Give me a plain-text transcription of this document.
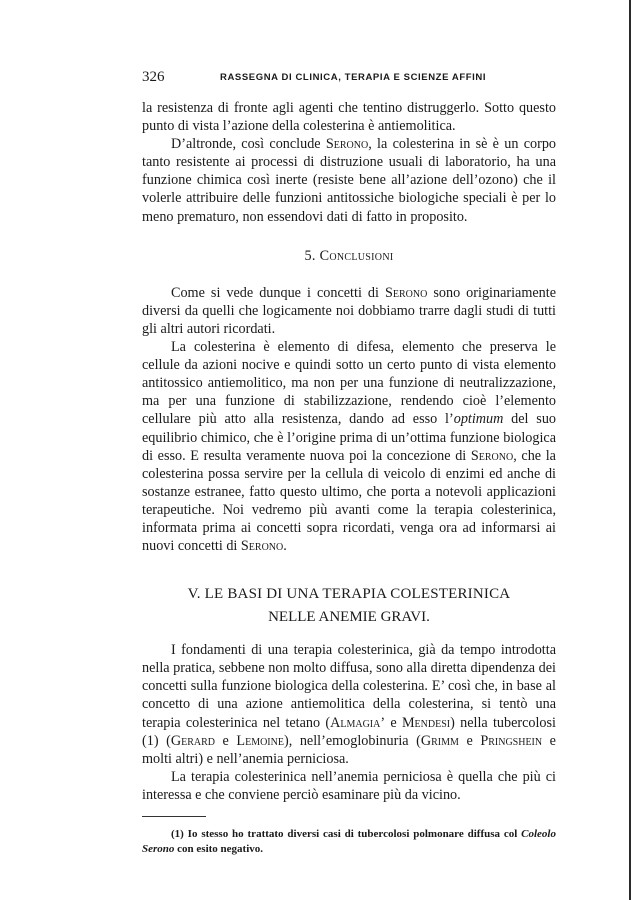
326	RASSEGNA DI CLINICA, TERAPIA E SCIENZE AFFINI

la resistenza di fronte agli agenti che tentino distruggerlo. Sotto questo punto di vista l’azione della colesterina è antiemolitica.

D’altronde, così conclude Serono, la colesterina in sè è un corpo tanto resistente ai processi di distruzione usuali di laboratorio, ha una funzione chimica così inerte (resiste bene all’azione dell’ozono) che il volerle attribuire delle funzioni antitossiche biologiche speciali è per lo meno prematuro, non essendovi dati di fatto in proposito.

5. Conclusioni

Come si vede dunque i concetti di Serono sono originariamente diversi da quelli che logicamente noi dobbiamo trarre dagli studi di tutti gli altri autori ricordati.

La colesterina è elemento di difesa, elemento che preserva le cellule da azioni nocive e quindi sotto un certo punto di vista elemento antitossico antiemolitico, ma non per una funzione di neutralizzazione, ma per una funzione di stabilizzazione, rendendo cioè l’elemento cellulare più atto alla resistenza, dando ad esso l’optimum del suo equilibrio chimico, che è l’origine prima di un’ottima funzione biologica di esso. E resulta veramente nuova poi la concezione di Serono, che la colesterina possa servire per la cellula di veicolo di enzimi ed anche di sostanze estranee, fatto questo ultimo, che porta a notevoli applicazioni terapeutiche. Noi vedremo più avanti come la terapia colesterinica, informata prima ai concetti sopra ricordati, venga ora ad informarsi ai nuovi concetti di Serono.

V. LE BASI DI UNA TERAPIA COLESTERINICA
NELLE ANEMIE GRAVI.

I fondamenti di una terapia colesterinica, già da tempo introdotta nella pratica, sebbene non molto diffusa, sono alla diretta dipendenza dei concetti sulla funzione biologica della colesterina. E’ così che, in base al concetto di una azione antiemolitica della colesterina, si tentò una terapia colesterinica nel tetano (Almagia’ e Mendesi) nella tubercolosi (1) (Gerard e Lemoine), nell’emoglobinuria (Grimm e Pringshein e molti altri) e nell’anemia perniciosa.

La terapia colesterinica nell’anemia perniciosa è quella che più ci interessa e che conviene perciò esaminare più da vicino.

(1) Io stesso ho trattato diversi casi di tubercolosi polmonare diffusa col Coleolo Serono con esito negativo.
